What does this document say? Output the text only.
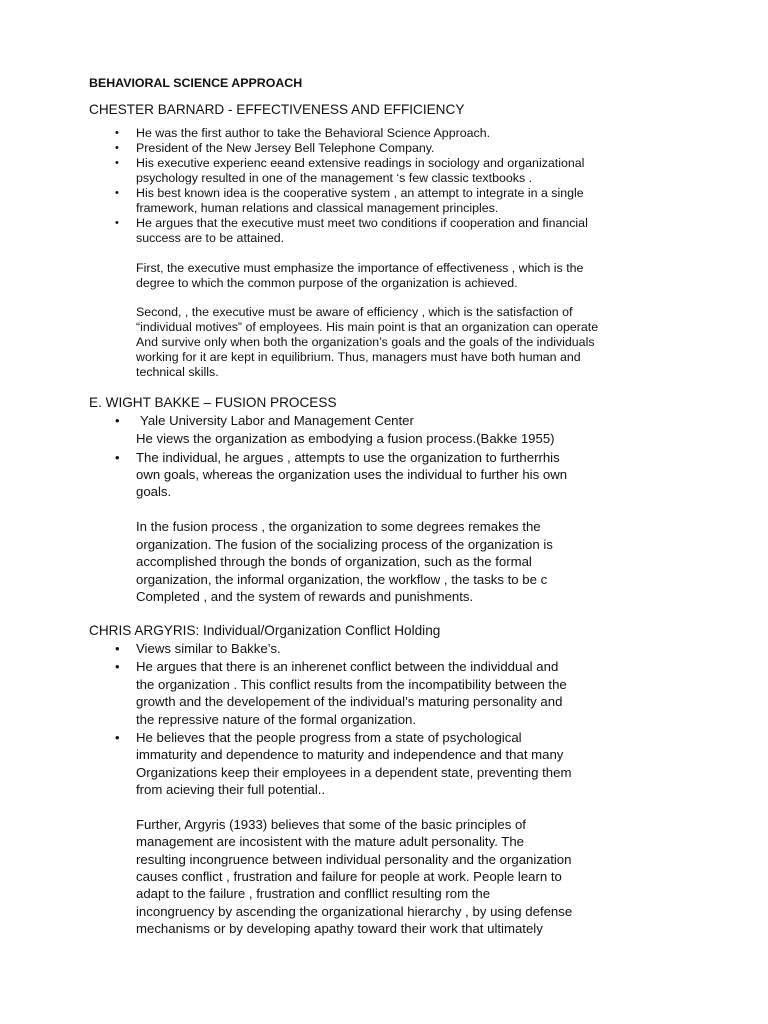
BEHAVIORAL SCIENCE APPROACH
CHESTER BARNARD - EFFECTIVENESS AND EFFICIENCY
• He was the first author to take the Behavioral Science Approach.
• President of the New Jersey Bell Telephone Company.
• His executive experienc eeand extensive readings in sociology and organizational
psychology resulted in one of the management ‘s few classic textbooks .
• His best known idea is the cooperative system , an attempt to integrate in a single
framework, human relations and classical management principles.
• He argues that the executive must meet two conditions if cooperation and financial
success are to be attained.
First, the executive must emphasize the importance of effectiveness , which is the
degree to which the common purpose of the organization is achieved.
Second, , the executive must be aware of efficiency , which is the satisfaction of
“individual motives” of employees. His main point is that an organization can operate
And survive only when both the organization’s goals and the goals of the individuals
working for it are kept in equilibrium. Thus, managers must have both human and
technical skills.
E. WIGHT BAKKE – FUSION PROCESS
• Yale University Labor and Management Center
He views the organization as embodying a fusion process.(Bakke 1955)
• The individual, he argues , attempts to use the organization to furtherrhis
own goals, whereas the organization uses the individual to further his own
goals.
In the fusion process , the organization to some degrees remakes the
organization. The fusion of the socializing process of the organization is
accomplished through the bonds of organization, such as the formal
organization, the informal organization, the workflow , the tasks to be c
Completed , and the system of rewards and punishments.
CHRIS ARGYRIS: Individual/Organization Conflict Holding
• Views similar to Bakke’s.
• He argues that there is an inherenet conflict between the individdual and
the organization . This conflict results from the incompatibility between the
growth and the developement of the individual’s maturing personality and
the repressive nature of the formal organization.
• He believes that the people progress from a state of psychological
immaturity and dependence to maturity and independence and that many
Organizations keep their employees in a dependent state, preventing them
from acieving their full potential..
Further, Argyris (1933) believes that some of the basic principles of
management are incosistent with the mature adult personality. The
resulting incongruence between individual personality and the organization
causes conflict , frustration and failure for people at work. People learn to
adapt to the failure , frustration and confllict resulting rom the
incongruency by ascending the organizational hierarchy , by using defense
mechanisms or by developing apathy toward their work that ultimately
